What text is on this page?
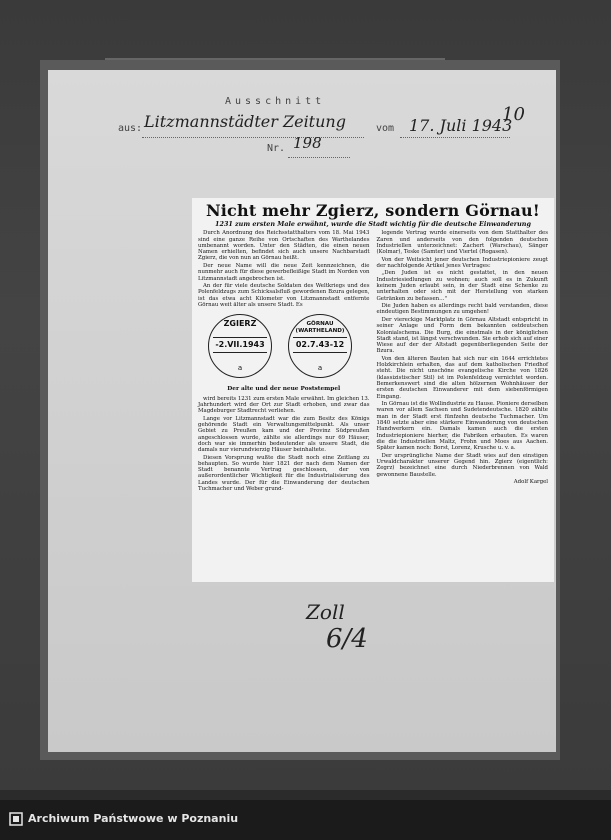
Ausschnitt
aus:	vom
Nr.
Litzmannstädter Zeitung	17. Juli 1943
10
198
Nicht mehr Zgierz, sondern Görnau!
1231 zum ersten Male erwähnt, wurde die Stadt wichtig für die deutsche Einwanderung

Durch Anordnung des Reichsstatthalters vom 18. Mai 1943 sind eine ganze Reihe von Ortschaften des Warthelandes umbenannt worden. Unter den Städten, die einen neuen Namen erhielten, befindet sich auch unsere Nachbarstadt Zgierz, die von nun an Görnau heißt.

Der neue Name will die neue Zeit kennzeichnen, die nunmehr auch für diese gewerbefleißige Stadt im Norden von Litzmannstadt angebrochen ist.

An der für viele deutsche Soldaten des Weltkriegs und des Polenfeldzugs zum Schicksalsfluß gewordenen Bzura gelegen, ist das etwa acht Kilometer von Litzmannstadt entfernte Görnau weit älter als unsere Stadt. Es

ZGIERZ
-2.VII.1943
a
GÖRNAU (WARTHELAND)
02.7.43-12
a
Der alte und der neue Poststempel

wird bereits 1231 zum ersten Male erwähnt. Im gleichen 13. Jahrhundert wird der Ort zur Stadt erhoben, und zwar das Magdeburger Stadtrecht verliehen.

Lange vor Litzmannstadt war die zum Besitz des Königs gehörende Stadt ein Verwaltungsmittelpunkt. Als unser Gebiet zu Preußen kam und der Provinz Südpreußen angeschlossen wurde, zählte sie allerdings nur 69 Häuser, doch war sie immerhin bedeutender als unsere Stadt, die damals nur vierundvierzig Häuser beinhaltete.

Diesen Vorsprung wußte die Stadt noch eine Zeitlang zu behaupten. So wurde hier 1821 der nach dem Namen der Stadt benannte Vertrag geschlossen, der von außerordentlicher Wichtigkeit für die Industrialisierung des Landes wurde. Der für die Einwanderung der deutschen Tuchmacher und Weber grund-

legende Vertrag wurde einerseits von dem Statthalter des Zaren und anderseits von den folgenden deutschen Industriellen unterzeichnet: Zachert (Warschau), Sänger (Kolmar), Teske (Samter) und Viertel (Rogasen).

Von der Weitsicht jener deutschen Industriepioniere zeugt der nachfolgende Artikel jenes Vertrages:

„Den Juden ist es nicht gestattet, in den neuen Industriesiedlungen zu wohnen; auch soll es in Zukunft keinem Juden erlaubt sein, in der Stadt eine Schenke zu unterhalten oder sich mit der Herstellung von starken Getränken zu befassen…"

Die Juden haben es allerdings recht bald verstanden, diese eindeutigen Bestimmungen zu umgehen!

Der viereckige Marktplatz in Görnau Altstadt entspricht in seiner Anlage und Form dem bekannten ostdeutschen Kolonialschema. Die Burg, die einstmals in der königlichen Stadt stand, ist längst verschwunden. Sie erhob sich auf einer Wiese auf der der Altstadt gegenüberliegenden Seite der Bzura.

Von den älteren Bauten hat sich nur ein 1644 errichtetes Holzkirchlein erhalten, das auf dem katholischen Friedhof steht. Die nicht unschöne evangelische Kirche von 1826 (klassizistischer Stil) ist im Polenfeldzug vernichtet worden. Bemerkenswert sind die alten hölzernen Wohnhäuser der ersten deutschen Einwanderer mit dem siebenförmigen Eingang.

In Görnau ist die Wollindustrie zu Hause. Pioniere derselben waren vor allem Sachsen und Sudetendeutsche. 1820 zählte man in der Stadt erst fünfzehn deutsche Tuchmacher. Um 1840 setzte aber eine stärkere Einwanderung von deutschen Handwerkern ein. Damals kamen auch die ersten Industriepioniere hierher, die Fabriken erbauten. Es waren die die Industriellen Maltz, Frohn und Moes aus Aachen. Später kamen noch: Borst, Lorenz, Krusche u. v. a.

Der ursprüngliche Name der Stadt wies auf den einstigen Urwaldcharakter unserer Gegend hin. Zgierz (eigentlich: Zegrz) bezeichnet eine durch Niederbrennen von Wald gewonnene Baustelle.

Adolf Kargel

Zoll
6/4
Archiwum Państwowe w Poznaniu
